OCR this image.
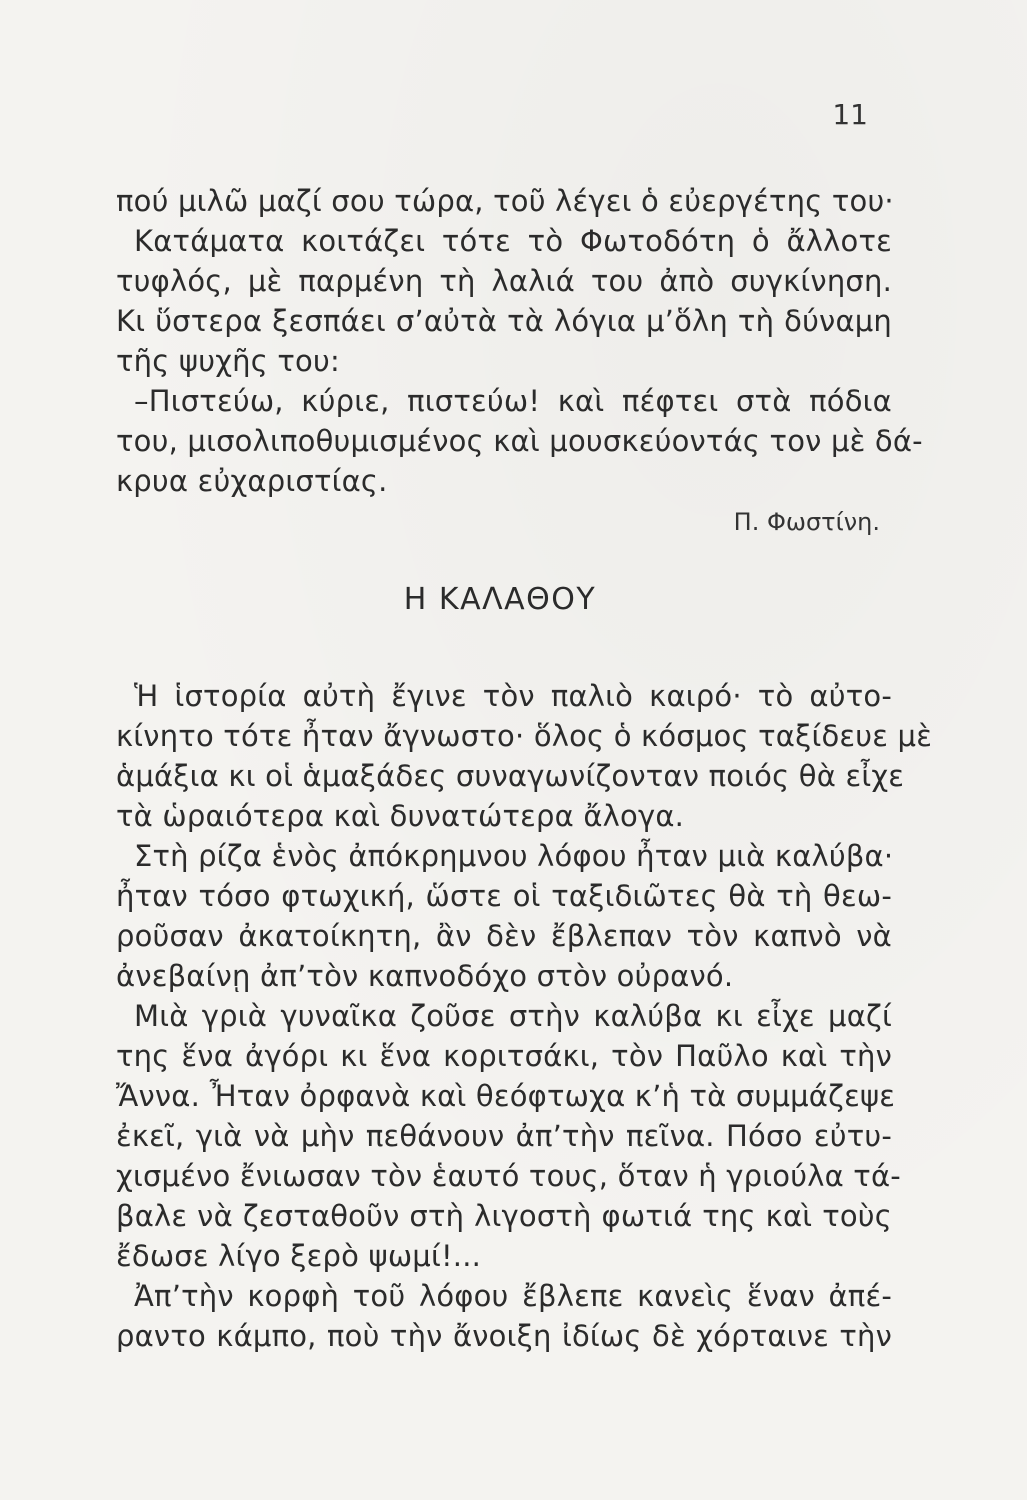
11
πού μιλῶ μαζί σου τώρα, τοῦ λέγει ὁ εὐεργέτης του·
Κατάματα κοιτάζει τότε τὸ Φωτοδότη ὁ ἄλλοτε
τυφλός, μὲ παρμένη τὴ λαλιά του ἀπὸ συγκίνηση.
Κι ὕστερα ξεσπάει σ’αὐτὰ τὰ λόγια μ’ὅλη τὴ δύναμη
τῆς ψυχῆς του:
–Πιστεύω, κύριε, πιστεύω! καὶ πέφτει στὰ πόδια
του, μισολιποθυμισμένος καὶ μουσκεύοντάς τον μὲ δά-
κρυα εὐχαριστίας.
Π. Φωστίνη.
Η ΚΑΛΑΘΟΥ
Ἡ ἱστορία αὐτὴ ἔγινε τὸν παλιὸ καιρό· τὸ αὐτο-
κίνητο τότε ἦταν ἄγνωστο· ὅλος ὁ κόσμος ταξίδευε μὲ
ἁμάξια κι οἱ ἁμαξάδες συναγωνίζονταν ποιός θὰ εἶχε
τὰ ὡραιότερα καὶ δυνατώτερα ἄλογα.
Στὴ ρίζα ἑνὸς ἀπόκρημνου λόφου ἦταν μιὰ καλύβα·
ἦταν τόσο φτωχική, ὥστε οἱ ταξιδιῶτες θὰ τὴ θεω-
ροῦσαν ἀκατοίκητη, ἂν δὲν ἔβλεπαν τὸν καπνὸ νὰ
ἀνεβαίνῃ ἀπ’τὸν καπνοδόχο στὸν οὐρανό.
Μιὰ γριὰ γυναῖκα ζοῦσε στὴν καλύβα κι εἶχε μαζί
της ἕνα ἀγόρι κι ἕνα κοριτσάκι, τὸν Παῦλο καὶ τὴν
Ἄννα. Ἦταν ὀρφανὰ καὶ θεόφτωχα κ’ἡ τὰ συμμάζεψε
ἐκεῖ, γιὰ νὰ μὴν πεθάνουν ἀπ’τὴν πεῖνα. Πόσο εὐτυ-
χισμένο ἔνιωσαν τὸν ἑαυτό τους, ὅταν ἡ γριούλα τά-
βαλε νὰ ζεσταθοῦν στὴ λιγοστὴ φωτιά της καὶ τοὺς
ἔδωσε λίγο ξερὸ ψωμί!...
Ἀπ’τὴν κορφὴ τοῦ λόφου ἔβλεπε κανεὶς ἕναν ἀπέ-
ραντο κάμπο, ποὺ τὴν ἄνοιξη ἰδίως δὲ χόρταινε τὴν
